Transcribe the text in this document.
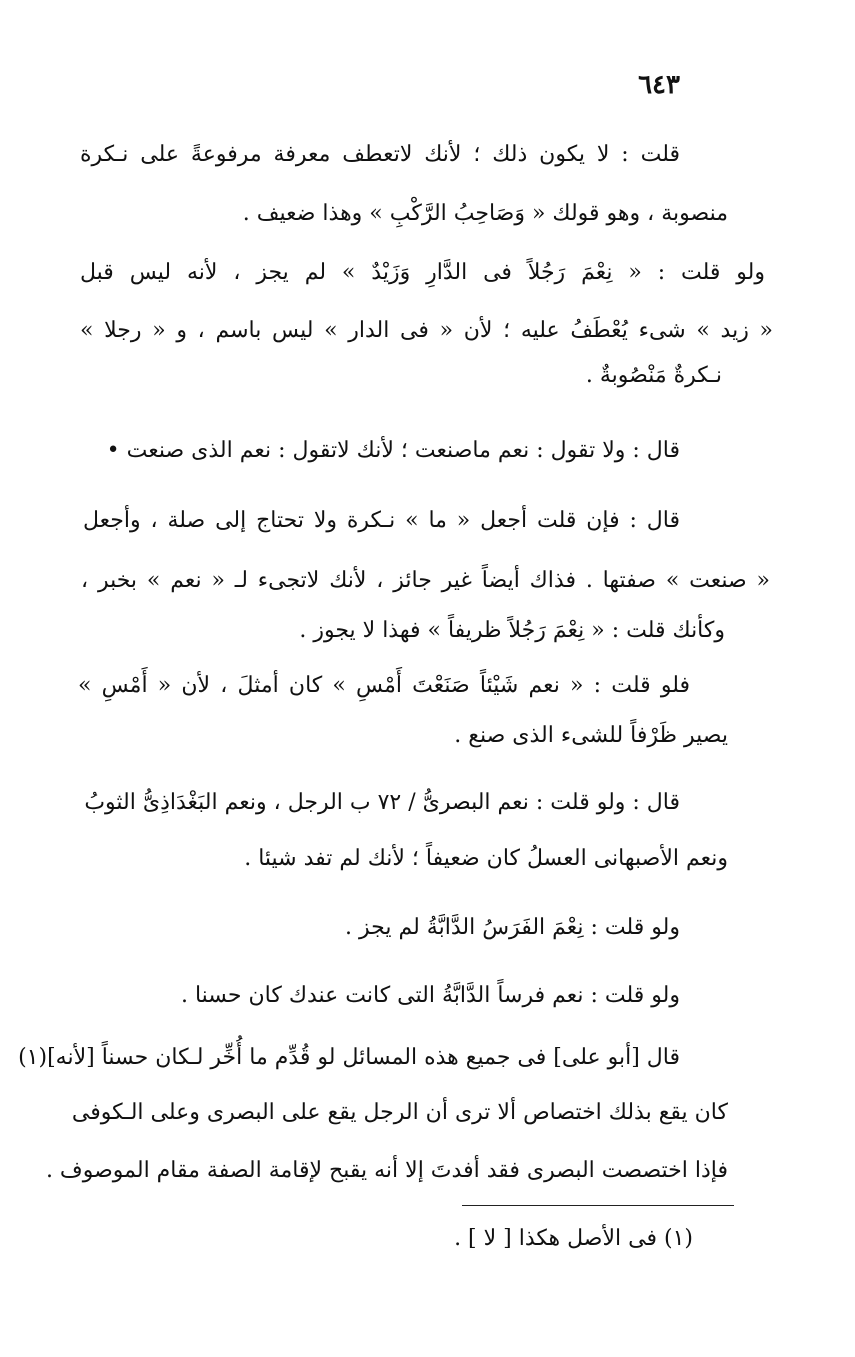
٦٤٣
قلت : لا يكون ذلك ؛ لأنك لاتعطف معرفة مرفوعةً على نـكرة
منصوبة ، وهو قولك « وَصَاحِبُ الرَّكْبِ » وهذا ضعيف .
ولو قلت : « نِعْمَ رَجُلاً فى الدَّارِ وَزَيْدٌ » لم يجز ، لأنه ليس قبل
« زيد » شىء يُعْطَفُ عليه ؛ لأن « فى الدار » ليس باسم ، و « رجلا »
نـكرةٌ مَنْصُوبةٌ .
قال : ولا تقول : نعم ماصنعت ؛ لأنك لاتقول : نعم الذى صنعت •
قال : فإن قلت أجعل « ما » نـكرة ولا تحتاج إلى صلة ، وأجعل
« صنعت » صفتها . فذاك أيضاً غير جائز ، لأنك لاتجىء لـ « نعم » بخبر ،
وكأنك قلت : « نِعْمَ رَجُلاً ظريفاً » فهذا لا يجوز .
فلو قلت : « نعم شَيْئاً صَنَعْتَ أَمْسِ » كان أمثلَ ، لأن « أَمْسِ »
يصير ظَرْفاً للشىء الذى صنع .
قال : ولو قلت : نعم البصرىُّ / ٧٢ ب الرجل ، ونعم البَغْدَاذِىُّ الثوبُ
ونعم الأصبهانى العسلُ كان ضعيفاً ؛ لأنك لم تفد شيئا .
ولو قلت : نِعْمَ الفَرَسُ الدَّابَّةُ لم يجز .
ولو قلت : نعم فرساً الدَّابَّةُ التى كانت عندك كان حسنا .
قال [أبو على] فى جميع هذه المسائل لو قُدِّم ما أُخِّر لـكان حسناً [لأنه](١)
كان يقع بذلك اختصاص ألا ترى أن الرجل يقع على البصرى وعلى الـكوفى
فإذا اختصصت البصرى فقد أفدتَ إلا أنه يقبح لإقامة الصفة مقام الموصوف .
(١) فى الأصل هكذا [ لا ] .
